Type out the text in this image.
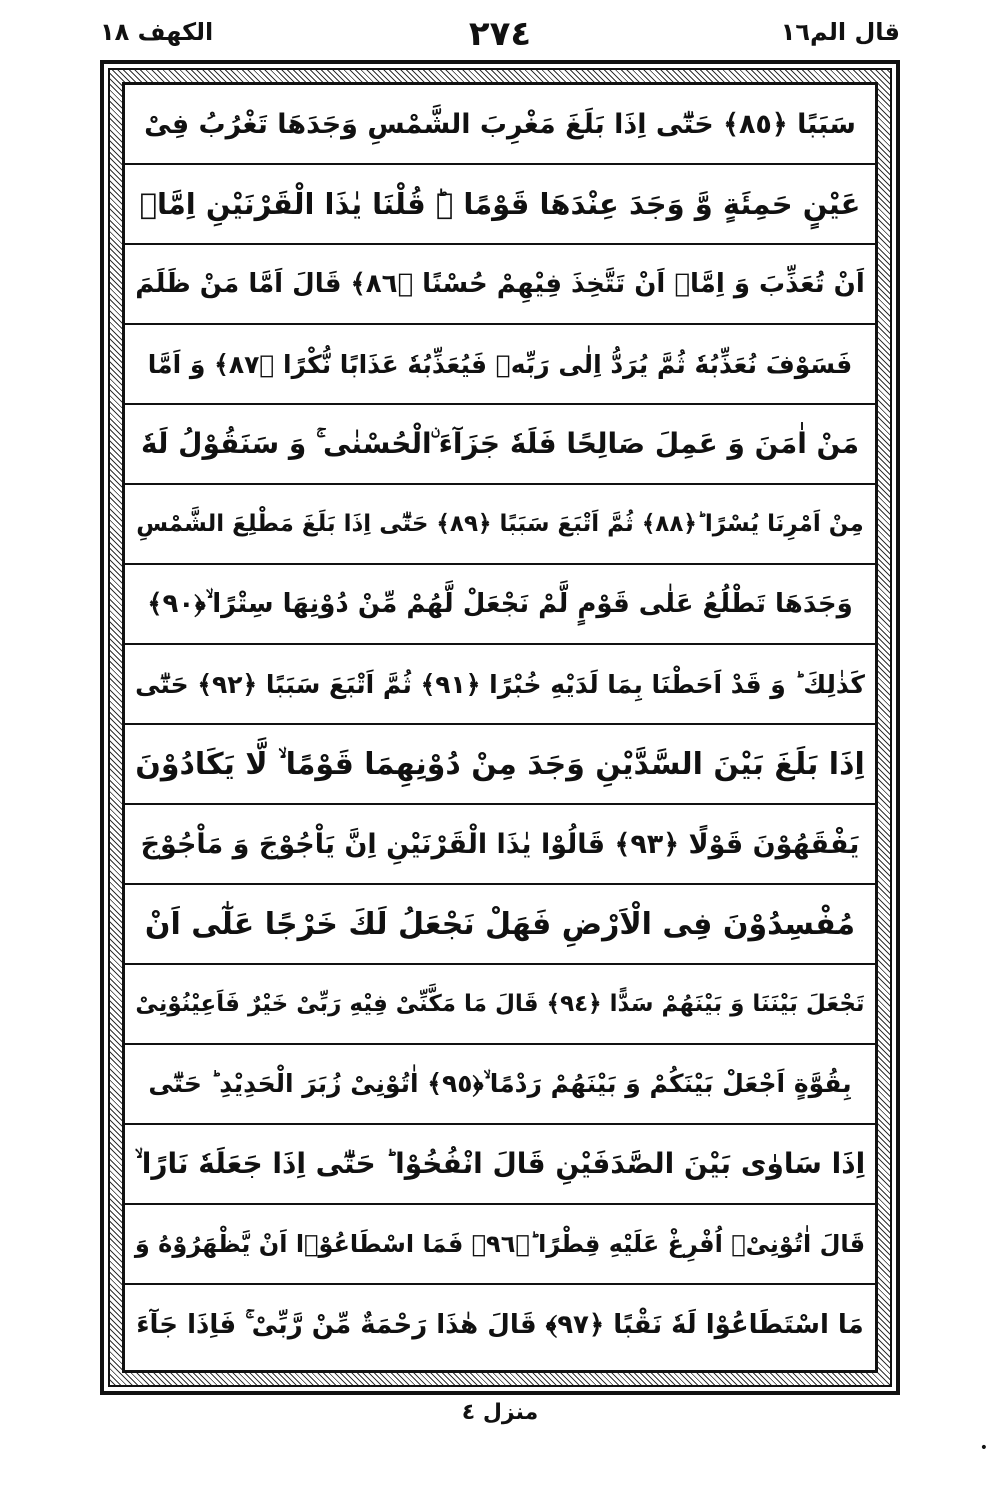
قال الم١٦
٢٧٤
الكهف ١٨
سَبَبًا ﴿٨٥﴾ حَتّٰٓى اِذَا بَلَغَ مَغْرِبَ الشَّمْسِ وَجَدَهَا تَغْرُبُ فِىْ
عَيْنٍ حَمِئَةٍ وَّ وَجَدَ عِنْدَهَا قَوْمًا ۬ؕ قُلْنَا يٰذَا الْقَرْنَيْنِ اِمَّاۤ
اَنْ تُعَذِّبَ وَ اِمَّاۤ اَنْ تَتَّخِذَ فِيْهِمْ حُسْنًا ﴿٨٦﴾ قَالَ اَمَّا مَنْ ظَلَمَ
فَسَوْفَ نُعَذِّبُهٗ ثُمَّ يُرَدُّ اِلٰى رَبِّهٖ فَيُعَذِّبُهٗ عَذَابًا نُّكْرًا ﴿٨٧﴾ وَ اَمَّا
مَنْ اٰمَنَ وَ عَمِلَ صَالِحًا فَلَهٗ جَزَآءَ ۨالْحُسْنٰى ۚ وَ سَنَقُوْلُ لَهٗ
مِنْ اَمْرِنَا يُسْرًا ؕ﴿٨٨﴾ ثُمَّ اَتْبَعَ سَبَبًا ﴿٨٩﴾ حَتّٰٓى اِذَا بَلَغَ مَطْلِعَ الشَّمْسِ
وَجَدَهَا تَطْلُعُ عَلٰى قَوْمٍ لَّمْ نَجْعَلْ لَّهُمْ مِّنْ دُوْنِهَا سِتْرًا ۙ﴿٩٠﴾
كَذٰلِكَ ؕ وَ قَدْ اَحَطْنَا بِمَا لَدَيْهِ خُبْرًا ﴿٩١﴾ ثُمَّ اَتْبَعَ سَبَبًا ﴿٩٢﴾ حَتّٰٓى
اِذَا بَلَغَ بَيْنَ السَّدَّيْنِ وَجَدَ مِنْ دُوْنِهِمَا قَوْمًا ۙ لَّا يَكَادُوْنَ
يَفْقَهُوْنَ قَوْلًا ﴿٩٣﴾ قَالُوْا يٰذَا الْقَرْنَيْنِ اِنَّ يَاْجُوْجَ وَ مَاْجُوْجَ
مُفْسِدُوْنَ فِى الْاَرْضِ فَهَلْ نَجْعَلُ لَكَ خَرْجًا عَلٰٓى اَنْ
تَجْعَلَ بَيْنَنَا وَ بَيْنَهُمْ سَدًّا ﴿٩٤﴾ قَالَ مَا مَكَّنِّىْ فِيْهِ رَبِّىْ خَيْرٌ فَاَعِيْنُوْنِىْ
بِقُوَّةٍ اَجْعَلْ بَيْنَكُمْ وَ بَيْنَهُمْ رَدْمًا ۙ﴿٩٥﴾ اٰتُوْنِىْ زُبَرَ الْحَدِيْدِ ؕ حَتّٰٓى
اِذَا سَاوٰى بَيْنَ الصَّدَفَيْنِ قَالَ انْفُخُوْا ؕ حَتّٰٓى اِذَا جَعَلَهٗ نَارًا ۙ
قَالَ اٰتُوْنِىْۤ اُفْرِغْ عَلَيْهِ قِطْرًا ؕ﴿٩٦﴾ فَمَا اسْطَاعُوْۤا اَنْ يَّظْهَرُوْهُ وَ
مَا اسْتَطَاعُوْا لَهٗ نَقْبًا ﴿٩٧﴾ قَالَ هٰذَا رَحْمَةٌ مِّنْ رَّبِّىْ ۚ فَاِذَا جَآءَ
منزل ٤
•
